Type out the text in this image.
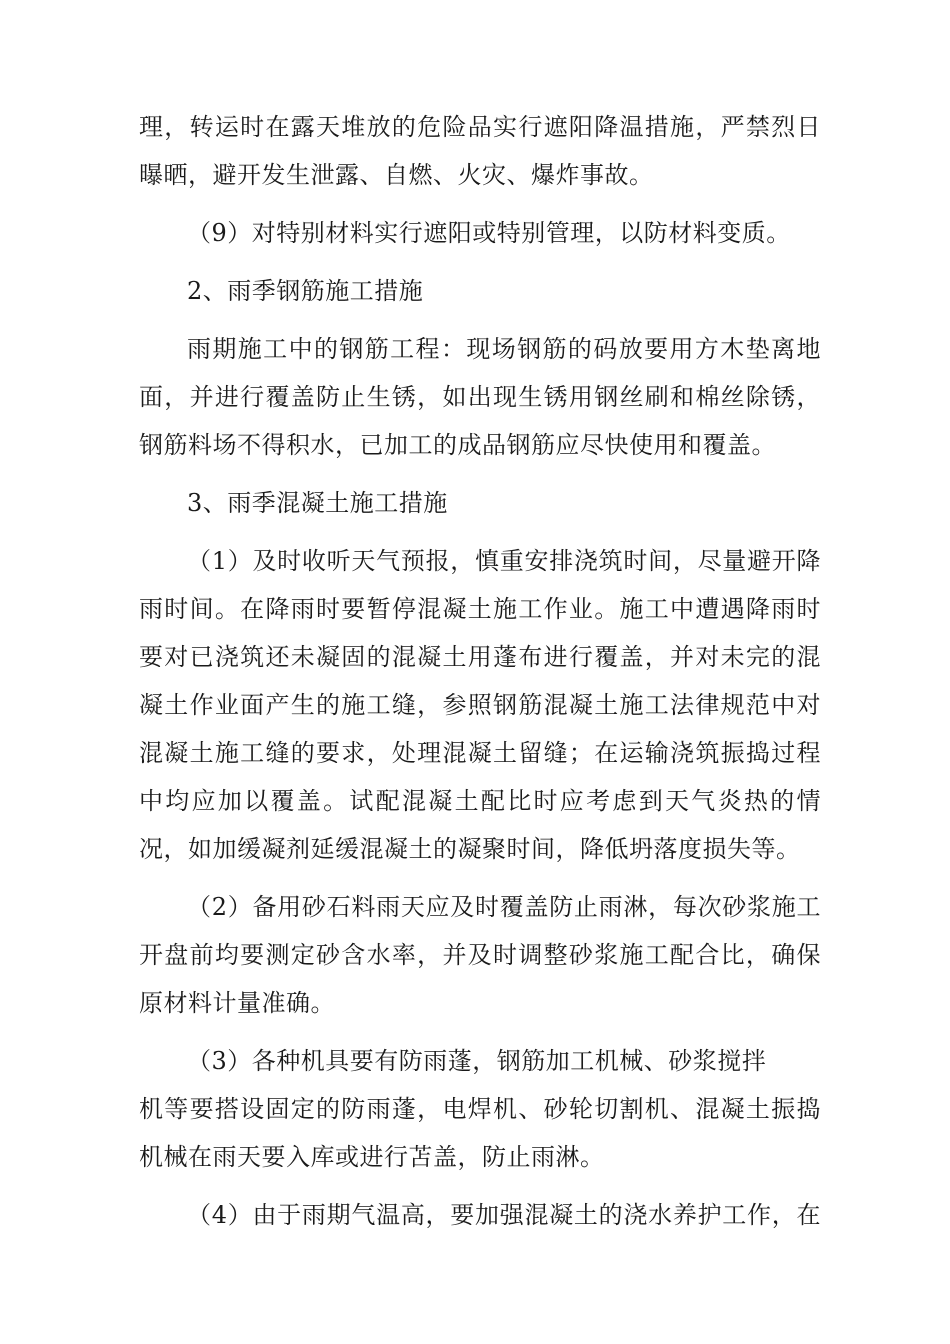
理，转运时在露天堆放的危险品实行遮阳降温措施，严禁烈日
曝晒，避开发生泄露、自燃、火灾、爆炸事故。
（9）对特别材料实行遮阳或特别管理，以防材料变质。
2、雨季钢筋施工措施
雨期施工中的钢筋工程：现场钢筋的码放要用方木垫离地
面，并进行覆盖防止生锈，如出现生锈用钢丝刷和棉丝除锈，
钢筋料场不得积水，已加工的成品钢筋应尽快使用和覆盖。
3、雨季混凝土施工措施
（1）及时收听天气预报，慎重安排浇筑时间，尽量避开降
雨时间。在降雨时要暂停混凝土施工作业。施工中遭遇降雨时
要对已浇筑还未凝固的混凝土用蓬布进行覆盖，并对未完的混
凝土作业面产生的施工缝，参照钢筋混凝土施工法律规范中对
混凝土施工缝的要求，处理混凝土留缝；在运输浇筑振捣过程
中均应加以覆盖。试配混凝土配比时应考虑到天气炎热的情
况，如加缓凝剂延缓混凝土的凝聚时间，降低坍落度损失等。
（2）备用砂石料雨天应及时覆盖防止雨淋，每次砂浆施工
开盘前均要测定砂含水率，并及时调整砂浆施工配合比，确保
原材料计量准确。
（3）各种机具要有防雨蓬，钢筋加工机械、砂浆搅拌
机等要搭设固定的防雨蓬，电焊机、砂轮切割机、混凝土振捣
机械在雨天要入库或进行苫盖，防止雨淋。
（4）由于雨期气温高，要加强混凝土的浇水养护工作，在
